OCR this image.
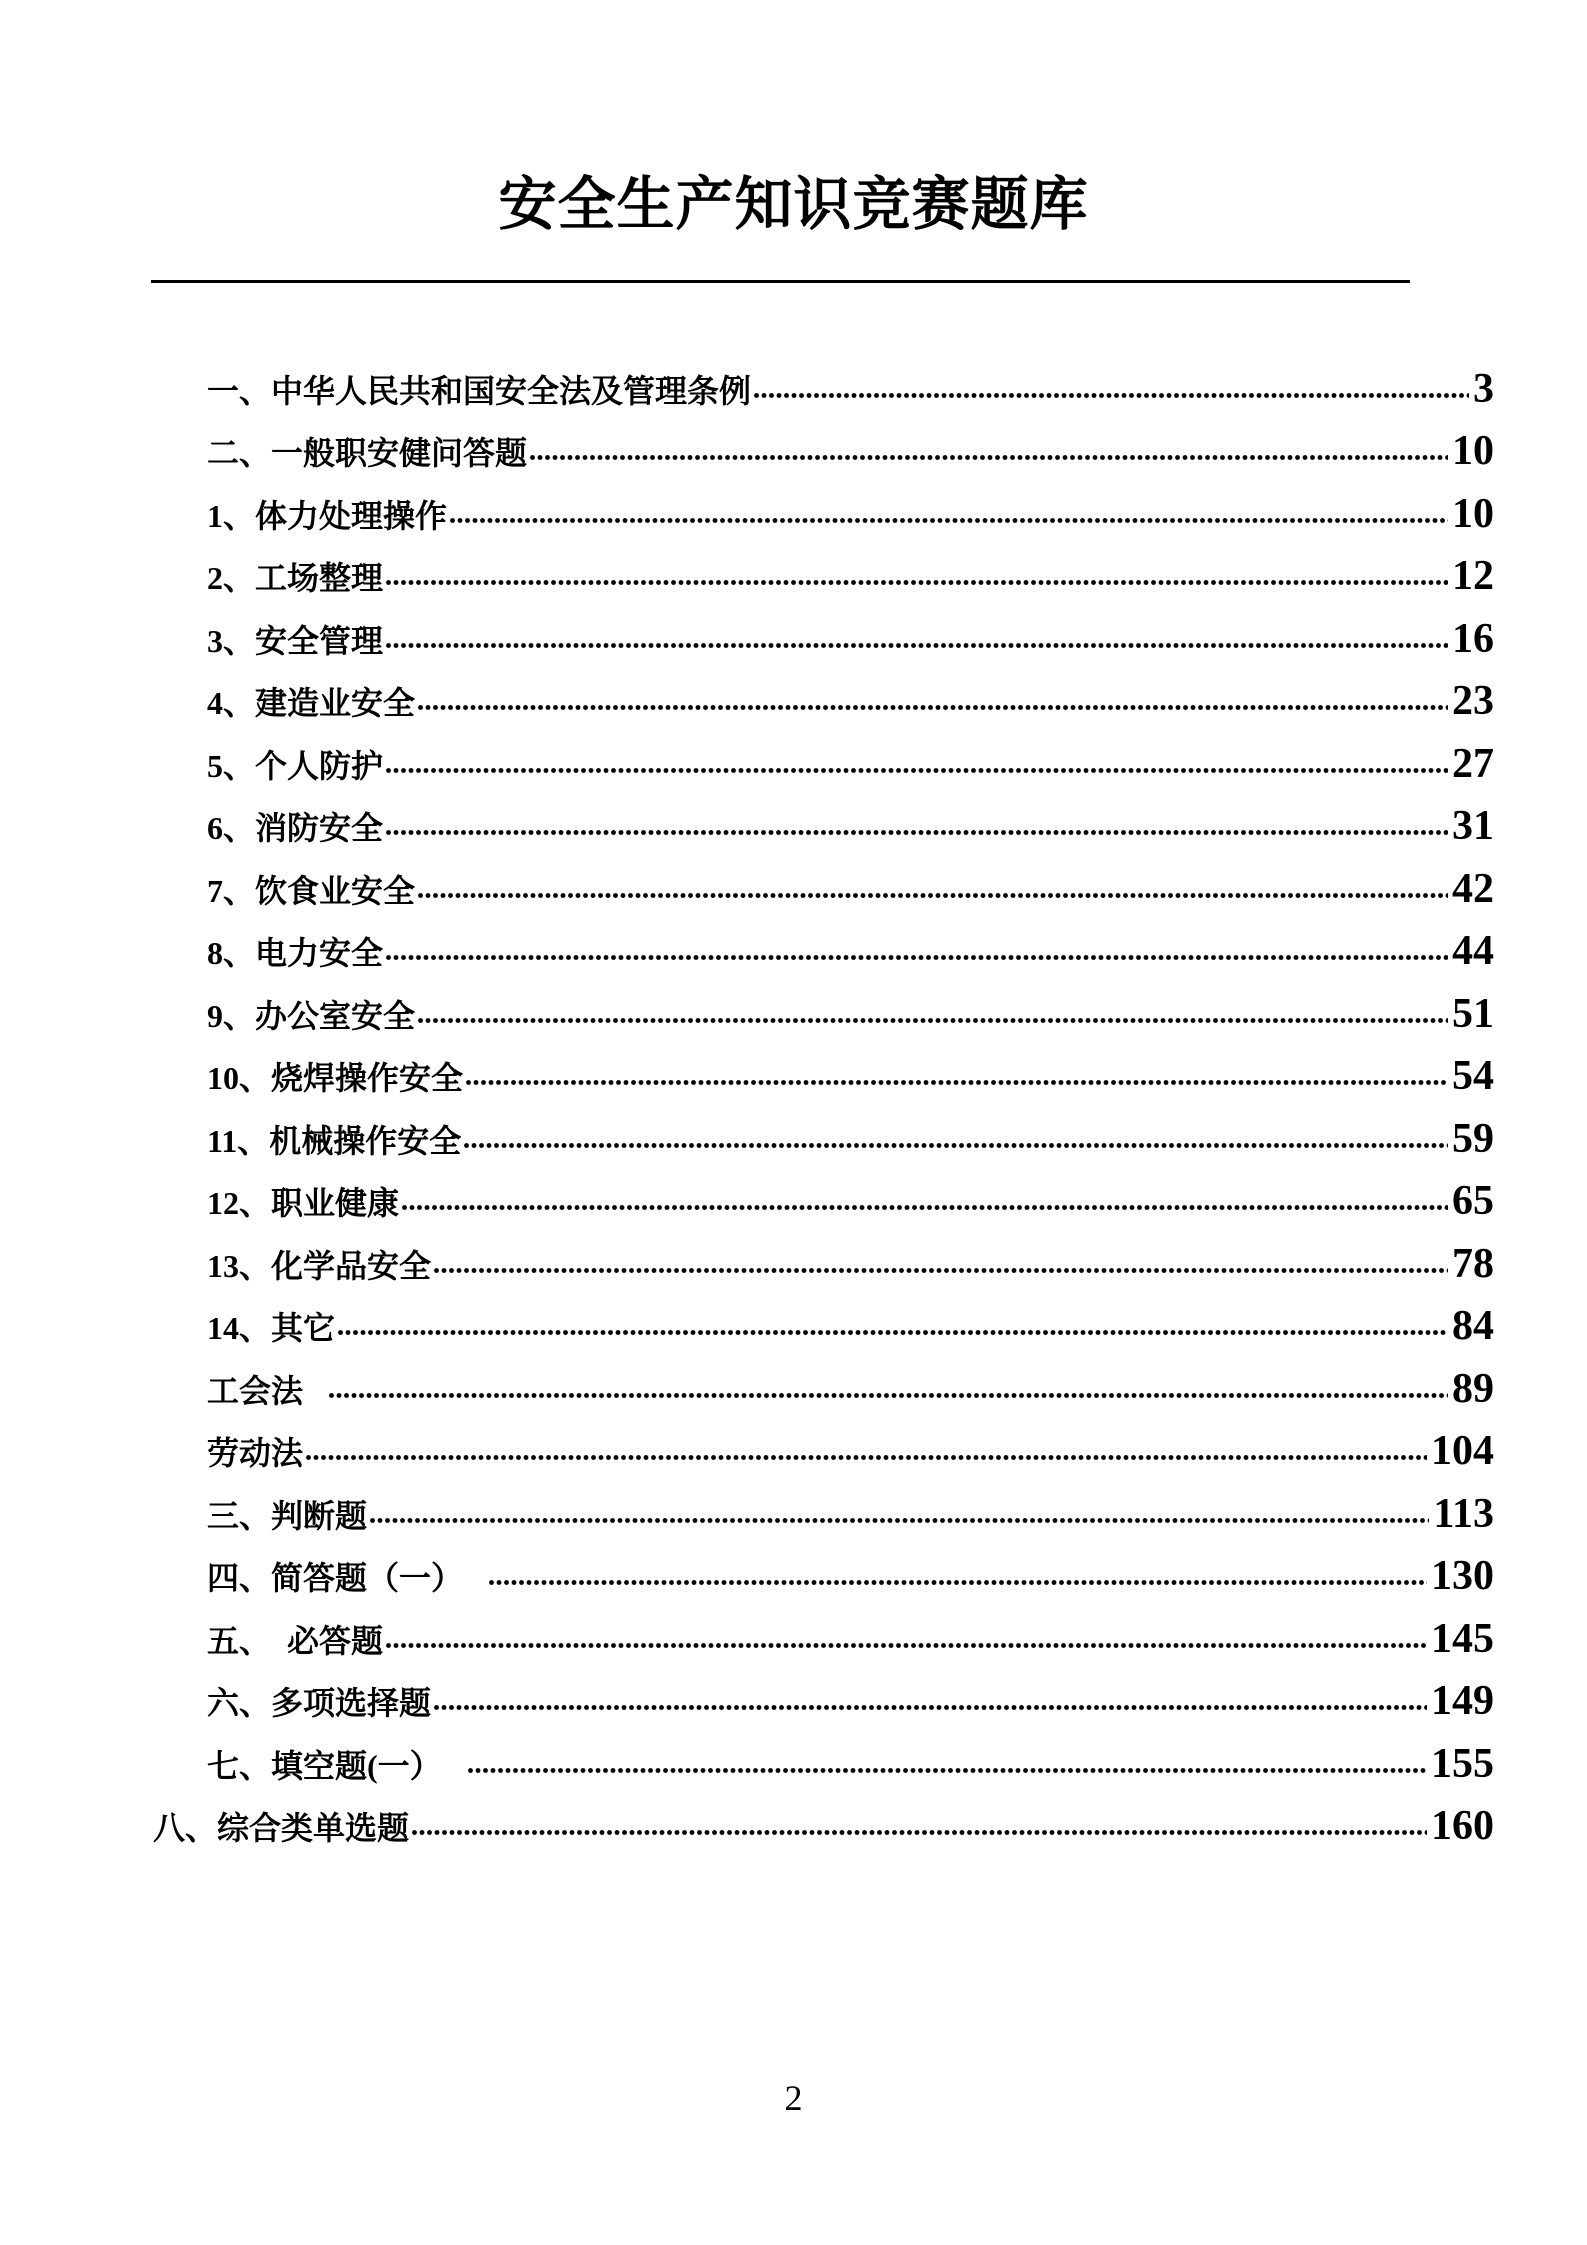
安全生产知识竞赛题库
一、中华人民共和国安全法及管理条例	3
二、一般职安健问答题	10
1、体力处理操作	10
2、工场整理	12
3、安全管理	16
4、建造业安全	23
5、个人防护	27
6、消防安全	31
7、饮食业安全	42
8、电力安全	44
9、办公室安全	51
10、烧焊操作安全	54
11、机械操作安全	59
12、职业健康	65
13、化学品安全	78
14、其它	84
工会法	89
劳动法	104
三、判断题	113
四、简答题（一）	130
五、  必答题	145
六、多项选择题	149
七、填空题(一）	155
八、综合类单选题	160
2
